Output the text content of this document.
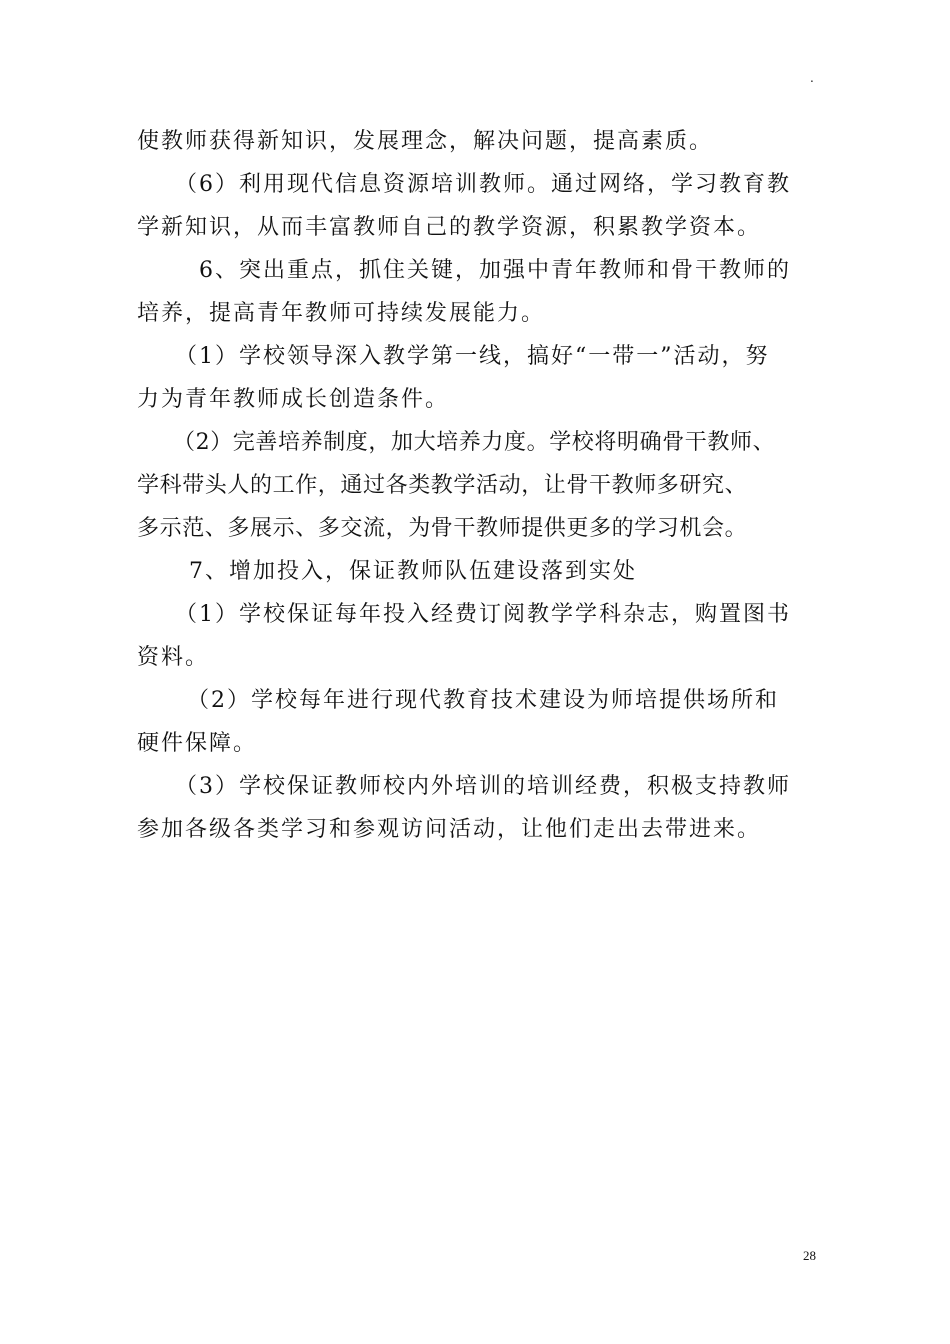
.
使教师获得新知识，发展理念，解决问题，提高素质。
（6）利用现代信息资源培训教师。通过网络，学习教育教
学新知识，从而丰富教师自己的教学资源，积累教学资本。
6、突出重点，抓住关键，加强中青年教师和骨干教师的
培养，提高青年教师可持续发展能力。
（1）学校领导深入教学第一线，搞好“一带一”活动，努
力为青年教师成长创造条件。
（2）完善培养制度，加大培养力度。学校将明确骨干教师、
学科带头人的工作，通过各类教学活动，让骨干教师多研究、
多示范、多展示、多交流，为骨干教师提供更多的学习机会。
7、增加投入，保证教师队伍建设落到实处
（1）学校保证每年投入经费订阅教学学科杂志，购置图书
资料。
（2）学校每年进行现代教育技术建设为师培提供场所和
硬件保障。
（3）学校保证教师校内外培训的培训经费，积极支持教师
参加各级各类学习和参观访问活动，让他们走出去带进来。
28
